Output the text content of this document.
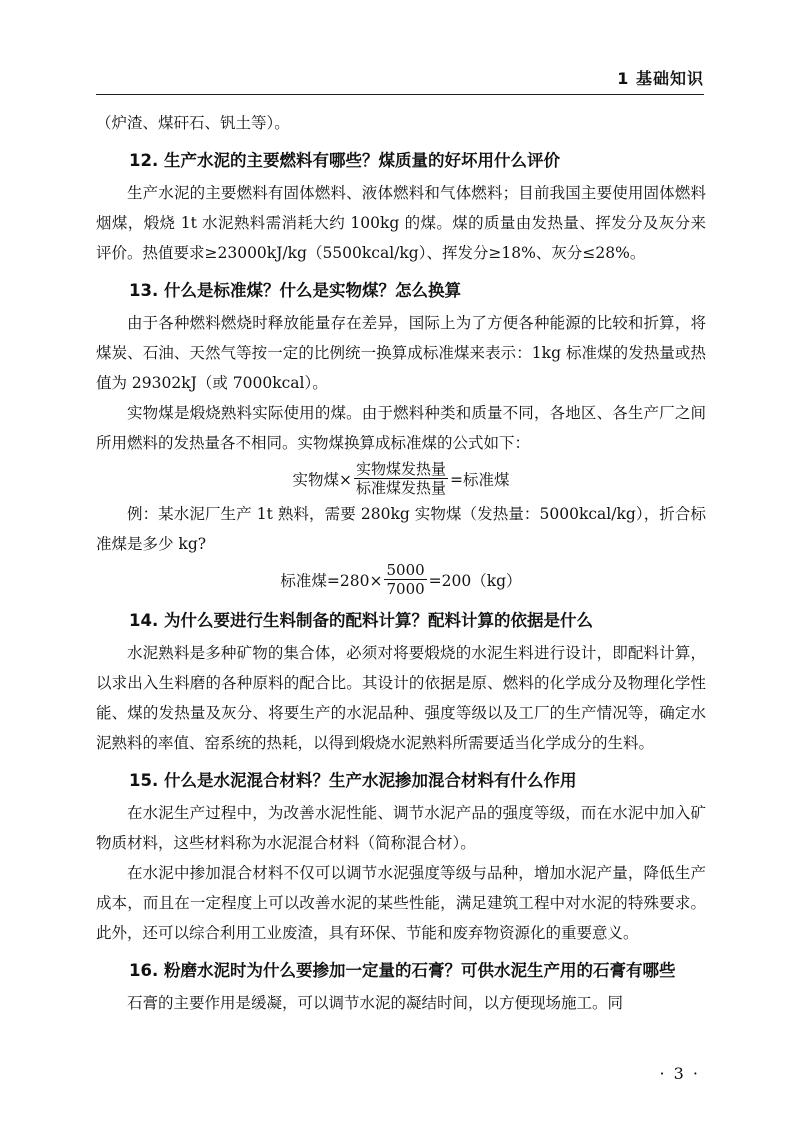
1 基础知识

（炉渣、煤矸石、钒土等）。

12. 生产水泥的主要燃料有哪些？煤质量的好坏用什么评价

生产水泥的主要燃料有固体燃料、液体燃料和气体燃料；目前我国主要使用固体燃料烟煤，煅烧 1t 水泥熟料需消耗大约 100kg 的煤。煤的质量由发热量、挥发分及灰分来评价。热值要求≥23000kJ/kg（5500kcal/kg）、挥发分≥18%、灰分≤28%。

13. 什么是标准煤？什么是实物煤？怎么换算

由于各种燃料燃烧时释放能量存在差异，国际上为了方便各种能源的比较和折算，将煤炭、石油、天然气等按一定的比例统一换算成标准煤来表示：1kg 标准煤的发热量或热值为 29302kJ（或 7000kcal）。

实物煤是煅烧熟料实际使用的煤。由于燃料种类和质量不同，各地区、各生产厂之间所用燃料的发热量各不相同。实物煤换算成标准煤的公式如下：

实物煤× $\frac{\text{实物煤发热量}}{\text{标准煤发热量}}$ =标准煤

例：某水泥厂生产 1t 熟料，需要 280kg 实物煤（发热量：5000kcal/kg），折合标准煤是多少 kg?

标准煤$=280\times \frac{5000}{7000} =200(kg)$
14. 为什么要进行生料制备的配料计算？配料计算的依据是什么

水泥熟料是多种矿物的集合体，必须对将要煅烧的水泥生料进行设计，即配料计算，以求出入生料磨的各种原料的配合比。其设计的依据是原、燃料的化学成分及物理化学性能、煤的发热量及灰分、将要生产的水泥品种、强度等级以及工厂的生产情况等，确定水泥熟料的率值、窑系统的热耗，以得到煅烧水泥熟料所需要适当化学成分的生料。

15. 什么是水泥混合材料？生产水泥掺加混合材料有什么作用

在水泥生产过程中，为改善水泥性能、调节水泥产品的强度等级，而在水泥中加入矿物质材料，这些材料称为水泥混合材料（简称混合材）。

在水泥中掺加混合材料不仅可以调节水泥强度等级与品种，增加水泥产量，降低生产成本，而且在一定程度上可以改善水泥的某些性能，满足建筑工程中对水泥的特殊要求。此外，还可以综合利用工业废渣，具有环保、节能和废弃物资源化的重要意义。

16. 粉磨水泥时为什么要掺加一定量的石膏？可供水泥生产用的石膏有哪些

石膏的主要作用是缓凝，可以调节水泥的凝结时间，以方便现场施工。同

· 3 ·
